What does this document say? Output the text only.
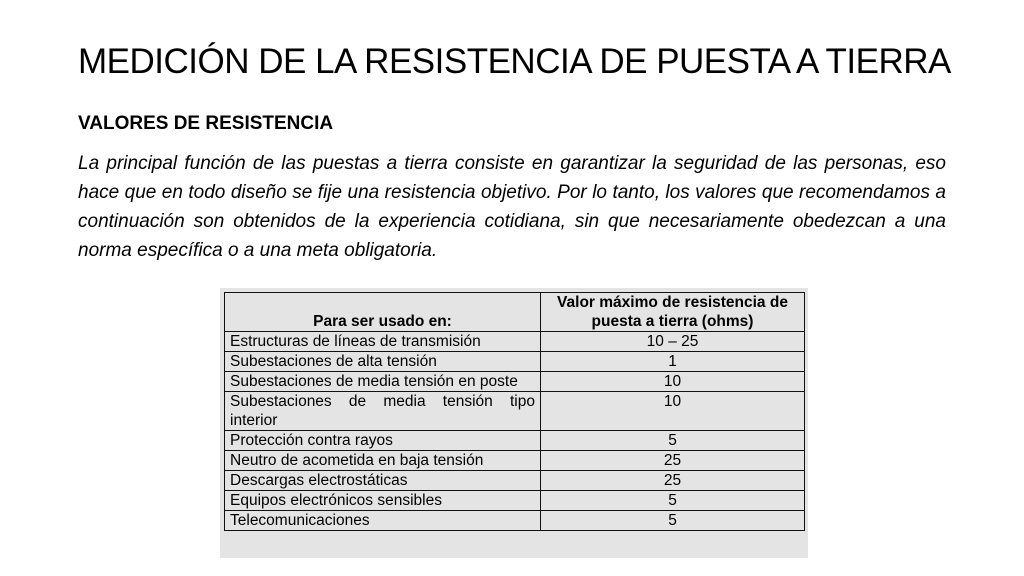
MEDICIÓN DE LA RESISTENCIA DE PUESTA A TIERRA
VALORES DE RESISTENCIA

La principal función de las puestas a tierra consiste en garantizar la seguridad de las personas, eso hace que en todo diseño se fije una resistencia objetivo. Por lo tanto, los valores que recomendamos a continuación son obtenidos de la experiencia cotidiana, sin que necesariamente obedezcan a una norma específica o a una meta obligatoria.

Para ser usado en:	Valor máximo de resistencia de puesta a tierra (ohms)
Estructuras de líneas de transmisión	10 – 25
Subestaciones de alta tensión	1
Subestaciones de media tensión en poste	10
Subestaciones de media tensión tipo interior	10
Protección contra rayos	5
Neutro de acometida en baja tensión	25
Descargas electrostáticas	25
Equipos electrónicos sensibles	5
Telecomunicaciones	5
